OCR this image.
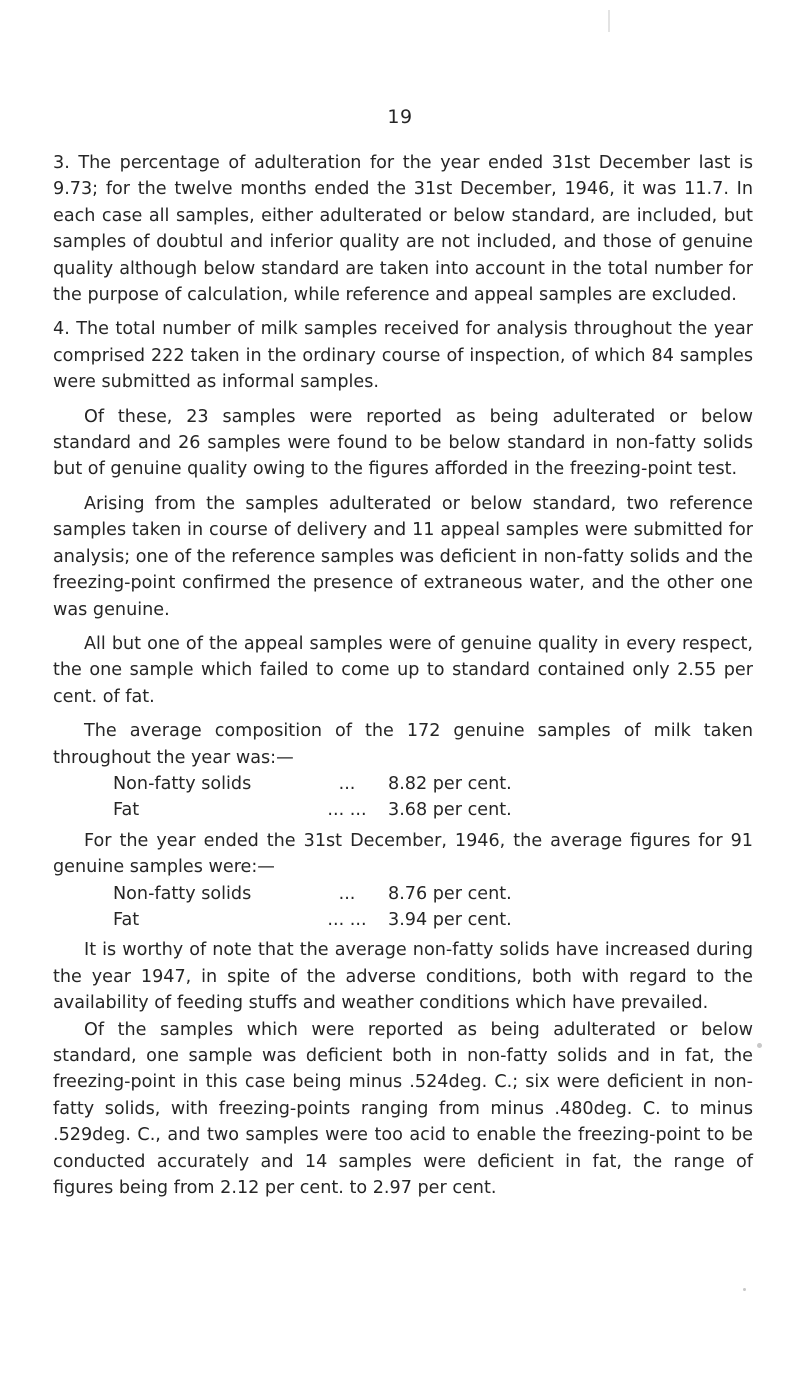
19

3. The percentage of adulteration for the year ended 31st December last is 9.73; for the twelve months ended the 31st December, 1946, it was 11.7. In each case all samples, either adulterated or below standard, are included, but samples of doubtul and inferior quality are not included, and those of genuine quality although below standard are taken into account in the total number for the purpose of calculation, while reference and appeal samples are excluded.

4. The total number of milk samples received for analysis throughout the year comprised 222 taken in the ordinary course of inspection, of which 84 samples were submitted as informal samples.

Of these, 23 samples were reported as being adulterated or below standard and 26 samples were found to be below standard in non-fatty solids but of genuine quality owing to the figures afforded in the freezing-point test.

Arising from the samples adulterated or below standard, two reference samples taken in course of delivery and 11 appeal samples were submitted for analysis; one of the reference samples was deficient in non-fatty solids and the freezing-point confirmed the presence of extraneous water, and the other one was genuine.

All but one of the appeal samples were of genuine quality in every respect, the one sample which failed to come up to standard contained only 2.55 per cent. of fat.

The average composition of the 172 genuine samples of milk taken throughout the year was:—

Non-fatty solids	...	8.82 per cent.
Fat	... ...	3.68 per cent.

For the year ended the 31st December, 1946, the average figures for 91 genuine samples were:—

Non-fatty solids	...	8.76 per cent.
Fat	... ...	3.94 per cent.

It is worthy of note that the average non-fatty solids have increased during the year 1947, in spite of the adverse conditions, both with regard to the availability of feeding stuffs and weather conditions which have prevailed.

Of the samples which were reported as being adulterated or below standard, one sample was deficient both in non-fatty solids and in fat, the freezing-point in this case being minus .524deg. C.; six were deficient in non-fatty solids, with freezing-points ranging from minus .480deg. C. to minus .529deg. C., and two samples were too acid to enable the freezing-point to be conducted accurately and 14 samples were deficient in fat, the range of figures being from 2.12 per cent. to 2.97 per cent.
